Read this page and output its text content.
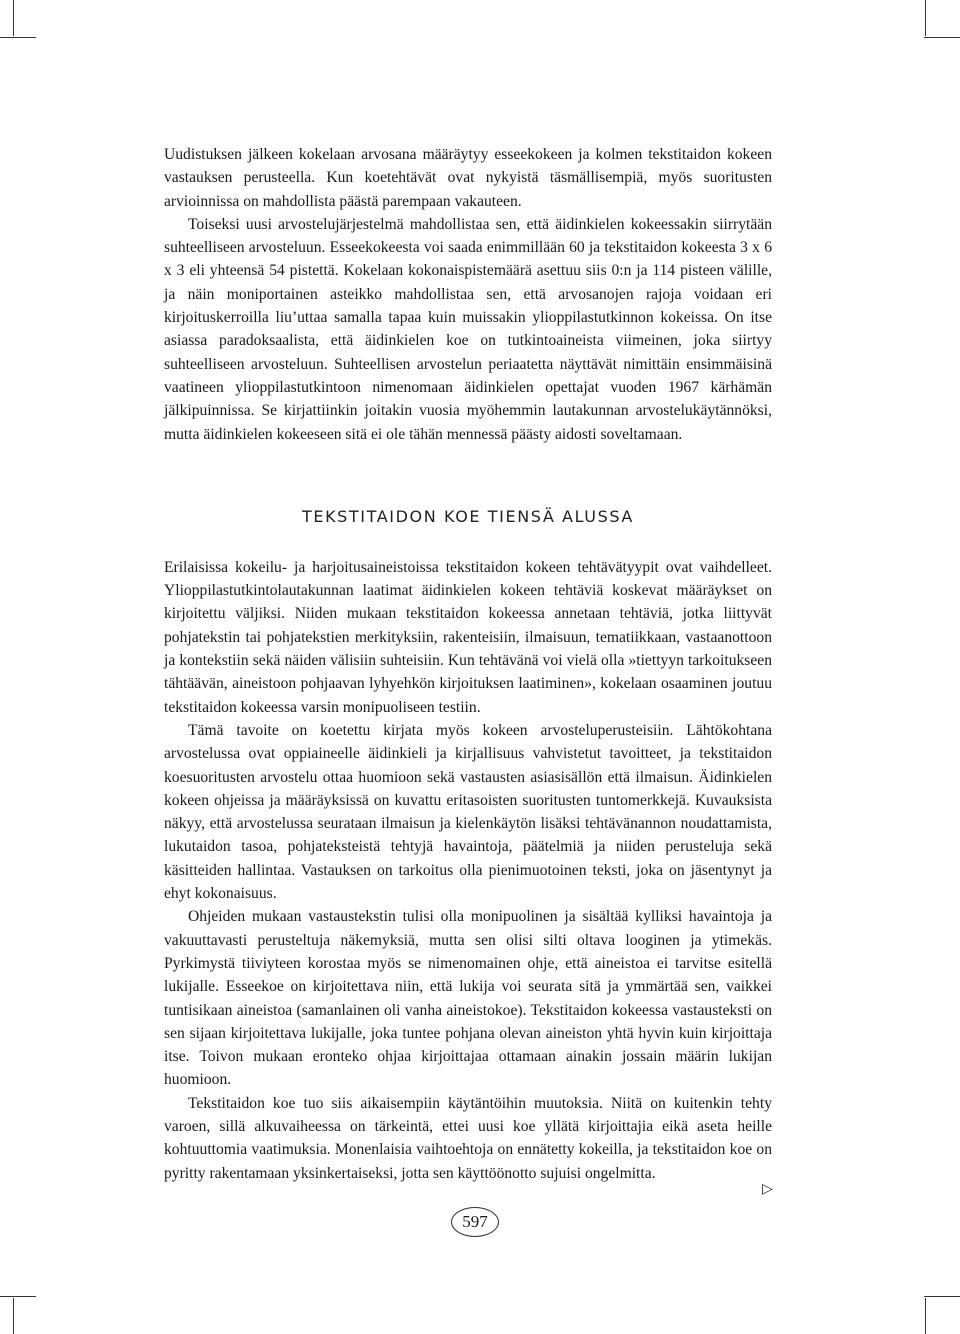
Uudistuksen jälkeen kokelaan arvosana määräytyy esseekokeen ja kolmen tekstitaidon kokeen vastauksen perusteella. Kun koetehtävät ovat nykyistä täsmällisempiä, myös suoritusten arvioinnissa on mahdollista päästä parempaan vakauteen.

Toiseksi uusi arvostelujärjestelmä mahdollistaa sen, että äidinkielen kokeessakin siirrytään suhteelliseen arvosteluun. Esseekokeesta voi saada enimmillään 60 ja tekstitaidon kokeesta 3 x 6 x 3 eli yhteensä 54 pistettä. Kokelaan kokonaispistemäärä asettuu siis 0:n ja 114 pisteen välille, ja näin moniportainen asteikko mahdollistaa sen, että arvosanojen rajoja voidaan eri kirjoituskerroilla liu’uttaa samalla tapaa kuin muissakin ylioppilastutkinnon kokeissa. On itse asiassa paradoksaalista, että äidinkielen koe on tutkintoaineista viimeinen, joka siirtyy suhteelliseen arvosteluun. Suhteellisen arvostelun periaatetta näyttävät nimittäin ensimmäisinä vaatineen ylioppilastutkintoon nimenomaan äidinkielen opettajat vuoden 1967 kärhämän jälkipuinnissa. Se kirjattiinkin joitakin vuosia myöhemmin lautakunnan arvostelukäytännöksi, mutta äidinkielen kokeeseen sitä ei ole tähän mennessä päästy aidosti soveltamaan.

TEKSTITAIDON KOE TIENSÄ ALUSSA

Erilaisissa kokeilu- ja harjoitusaineistoissa tekstitaidon kokeen tehtävätyypit ovat vaihdelleet. Ylioppilastutkintolautakunnan laatimat äidinkielen kokeen tehtäviä koskevat määräykset on kirjoitettu väljiksi. Niiden mukaan tekstitaidon kokeessa annetaan tehtäviä, jotka liittyvät pohjatekstin tai pohjatekstien merkityksiin, rakenteisiin, ilmaisuun, tematiikkaan, vastaanottoon ja kontekstiin sekä näiden välisiin suhteisiin. Kun tehtävänä voi vielä olla »tiettyyn tarkoitukseen tähtäävän, aineistoon pohjaavan lyhyehkön kirjoituksen laatiminen», kokelaan osaaminen joutuu tekstitaidon kokeessa varsin monipuoliseen testiin.

Tämä tavoite on koetettu kirjata myös kokeen arvosteluperusteisiin. Lähtökohtana arvostelussa ovat oppiaineelle äidinkieli ja kirjallisuus vahvistetut tavoitteet, ja tekstitaidon koesuoritusten arvostelu ottaa huomioon sekä vastausten asiasisällön että ilmaisun. Äidinkielen kokeen ohjeissa ja määräyksissä on kuvattu eritasoisten suoritusten tuntomerkkejä. Kuvauksista näkyy, että arvostelussa seurataan ilmaisun ja kielenkäytön lisäksi tehtävänannon noudattamista, lukutaidon tasoa, pohjateksteistä tehtyjä havaintoja, päätelmiä ja niiden perusteluja sekä käsitteiden hallintaa. Vastauksen on tarkoitus olla pienimuotoinen teksti, joka on jäsentynyt ja ehyt kokonaisuus.

Ohjeiden mukaan vastaustekstin tulisi olla monipuolinen ja sisältää kylliksi havaintoja ja vakuuttavasti perusteltuja näkemyksiä, mutta sen olisi silti oltava looginen ja ytimekäs. Pyrkimystä tiiviyteen korostaa myös se nimenomainen ohje, että aineistoa ei tarvitse esitellä lukijalle. Esseekoe on kirjoitettava niin, että lukija voi seurata sitä ja ymmärtää sen, vaikkei tuntisikaan aineistoa (samanlainen oli vanha aineistokoe). Tekstitaidon kokeessa vastausteksti on sen sijaan kirjoitettava lukijalle, joka tuntee pohjana olevan aineiston yhtä hyvin kuin kirjoittaja itse. Toivon mukaan eronteko ohjaa kirjoittajaa ottamaan ainakin jossain määrin lukijan huomioon.

Tekstitaidon koe tuo siis aikaisempiin käytäntöihin muutoksia. Niitä on kuitenkin tehty varoen, sillä alkuvaiheessa on tärkeintä, ettei uusi koe yllätä kirjoittajia eikä aseta heille kohtuuttomia vaatimuksia. Monenlaisia vaihtoehtoja on ennätetty kokeilla, ja tekstitaidon koe on pyritty rakentamaan yksinkertaiseksi, jotta sen käyttöönotto sujuisi ongelmitta.

▷
597
